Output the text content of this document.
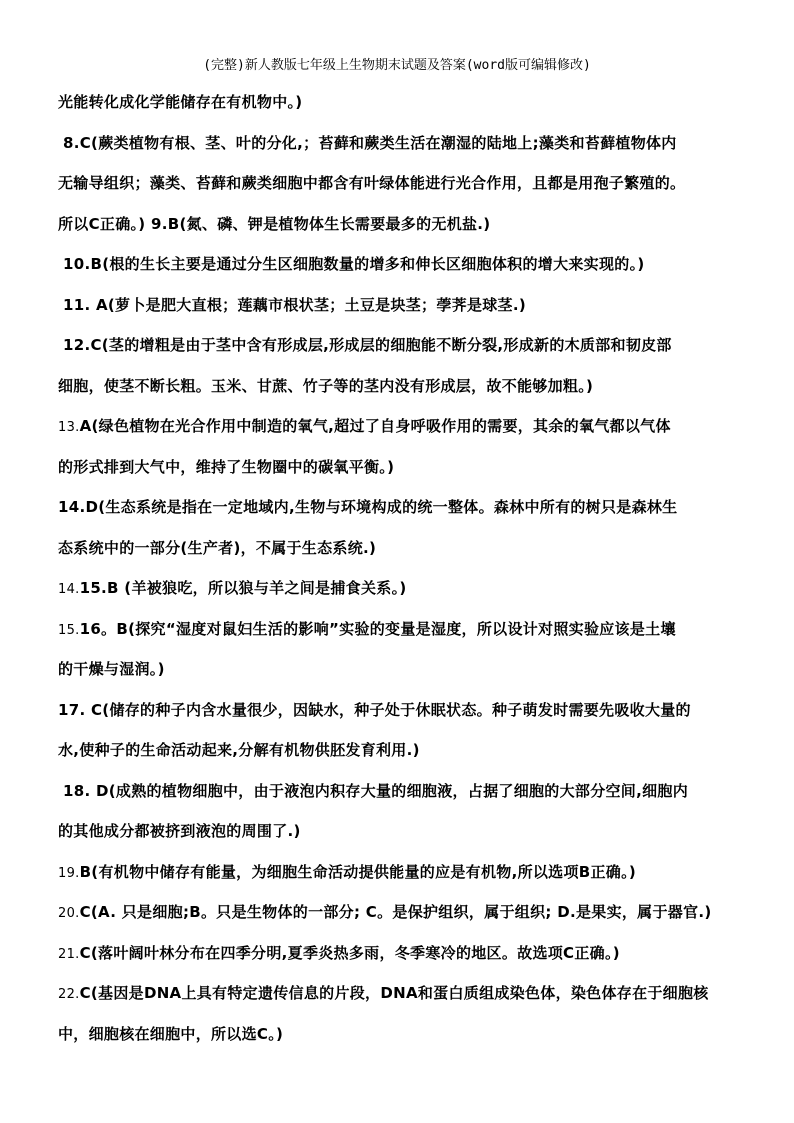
(完整)新人教版七年级上生物期末试题及答案(word版可编辑修改)
光能转化成化学能储存在有机物中。)
8.C(蕨类植物有根、茎、叶的分化,；苔藓和蕨类生活在潮湿的陆地上;藻类和苔藓植物体内
无输导组织；藻类、苔藓和蕨类细胞中都含有叶绿体能进行光合作用，且都是用孢子繁殖的。
所以C正确。) 9.B(氮、磷、钾是植物体生长需要最多的无机盐.)
10.B(根的生长主要是通过分生区细胞数量的增多和伸长区细胞体积的增大来实现的。)
11. A(萝卜是肥大直根；莲藕市根状茎；土豆是块茎；荸荠是球茎.)
12.C(茎的增粗是由于茎中含有形成层,形成层的细胞能不断分裂,形成新的木质部和韧皮部
细胞，使茎不断长粗。玉米、甘蔗、竹子等的茎内没有形成层，故不能够加粗。)
13.A(绿色植物在光合作用中制造的氧气,超过了自身呼吸作用的需要，其余的氧气都以气体
的形式排到大气中，维持了生物圈中的碳氧平衡。)
14.D(生态系统是指在一定地域内,生物与环境构成的统一整体。森林中所有的树只是森林生
态系统中的一部分(生产者)，不属于生态系统.)
14.15.B (羊被狼吃，所以狼与羊之间是捕食关系。)
15.16。B(探究“湿度对鼠妇生活的影响”实验的变量是湿度，所以设计对照实验应该是土壤
的干燥与湿润。)
17. C(储存的种子内含水量很少，因缺水，种子处于休眠状态。种子萌发时需要先吸收大量的
水,使种子的生命活动起来,分解有机物供胚发育利用.)
18. D(成熟的植物细胞中，由于液泡内积存大量的细胞液，占据了细胞的大部分空间,细胞内
的其他成分都被挤到液泡的周围了.)
19.B(有机物中储存有能量，为细胞生命活动提供能量的应是有机物,所以选项B正确。)
20.C(A. 只是细胞;B。只是生物体的一部分; C。是保护组织，属于组织; D.是果实，属于器官.)
21.C(落叶阔叶林分布在四季分明,夏季炎热多雨，冬季寒冷的地区。故选项C正确。)
22.C(基因是DNA上具有特定遗传信息的片段，DNA和蛋白质组成染色体，染色体存在于细胞核
中，细胞核在细胞中，所以选C。)
